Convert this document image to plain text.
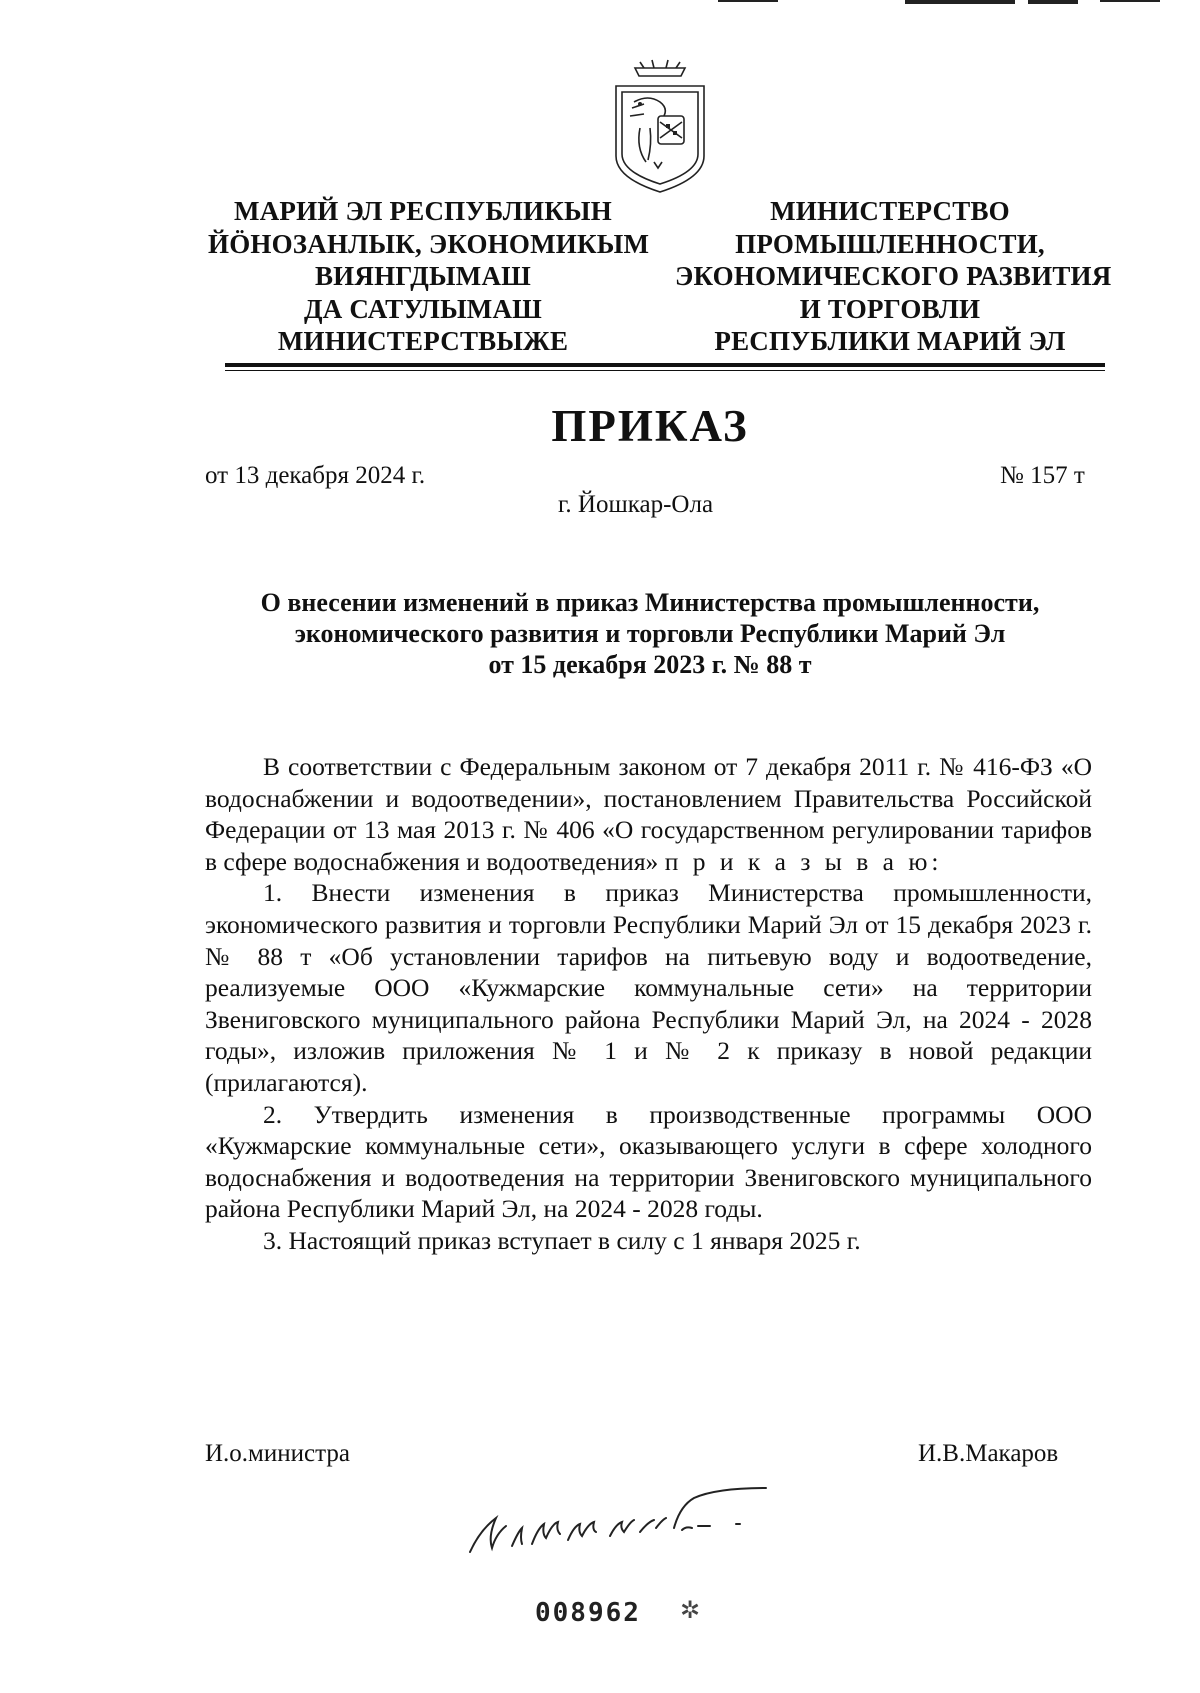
МАРИЙ ЭЛ РЕСПУБЛИКЫН
ЙÖНОЗАНЛЫК, ЭКОНОМИКЫМ
ВИЯНГДЫМАШ
ДА САТУЛЫМАШ
МИНИСТЕРСТВЫЖЕ
МИНИСТЕРСТВО
ПРОМЫШЛЕННОСТИ,
ЭКОНОМИЧЕСКОГО РАЗВИТИЯ
И ТОРГОВЛИ
РЕСПУБЛИКИ МАРИЙ ЭЛ
ПРИКАЗ
от 13 декабря 2024 г.	№ 157 т
г. Йошкар-Ола
О внесении изменений в приказ Министерства промышленности,
экономического развития и торговли Республики Марий Эл
от 15 декабря 2023 г. № 88 т

В соответствии с Федеральным законом от 7 декабря 2011 г. № 416-ФЗ «О водоснабжении и водоотведении», постановлением Правительства Российской Федерации от 13 мая 2013 г. № 406 «О государственном регулировании тарифов в сфере водоснабжения и водоотведения» п р и к а з ы в а ю:

1. Внести изменения в приказ Министерства промышленности, экономического развития и торговли Республики Марий Эл от 15 декабря 2023 г. № 88 т «Об установлении тарифов на питьевую воду и водоотведение, реализуемые ООО «Кужмарские коммунальные сети» на территории Звениговского муниципального района Республики Марий Эл, на 2024 - 2028 годы», изложив приложения № 1 и № 2 к приказу в новой редакции (прилагаются).

2. Утвердить изменения в производственные программы ООО «Кужмарские коммунальные сети», оказывающего услуги в сфере холодного водоснабжения и водоотведения на территории Звениговского муниципального района Республики Марий Эл, на 2024 - 2028 годы.

3. Настоящий приказ вступает в силу с 1 января 2025 г.

И.о.министра	И.В.Макаров
008962 ✲
